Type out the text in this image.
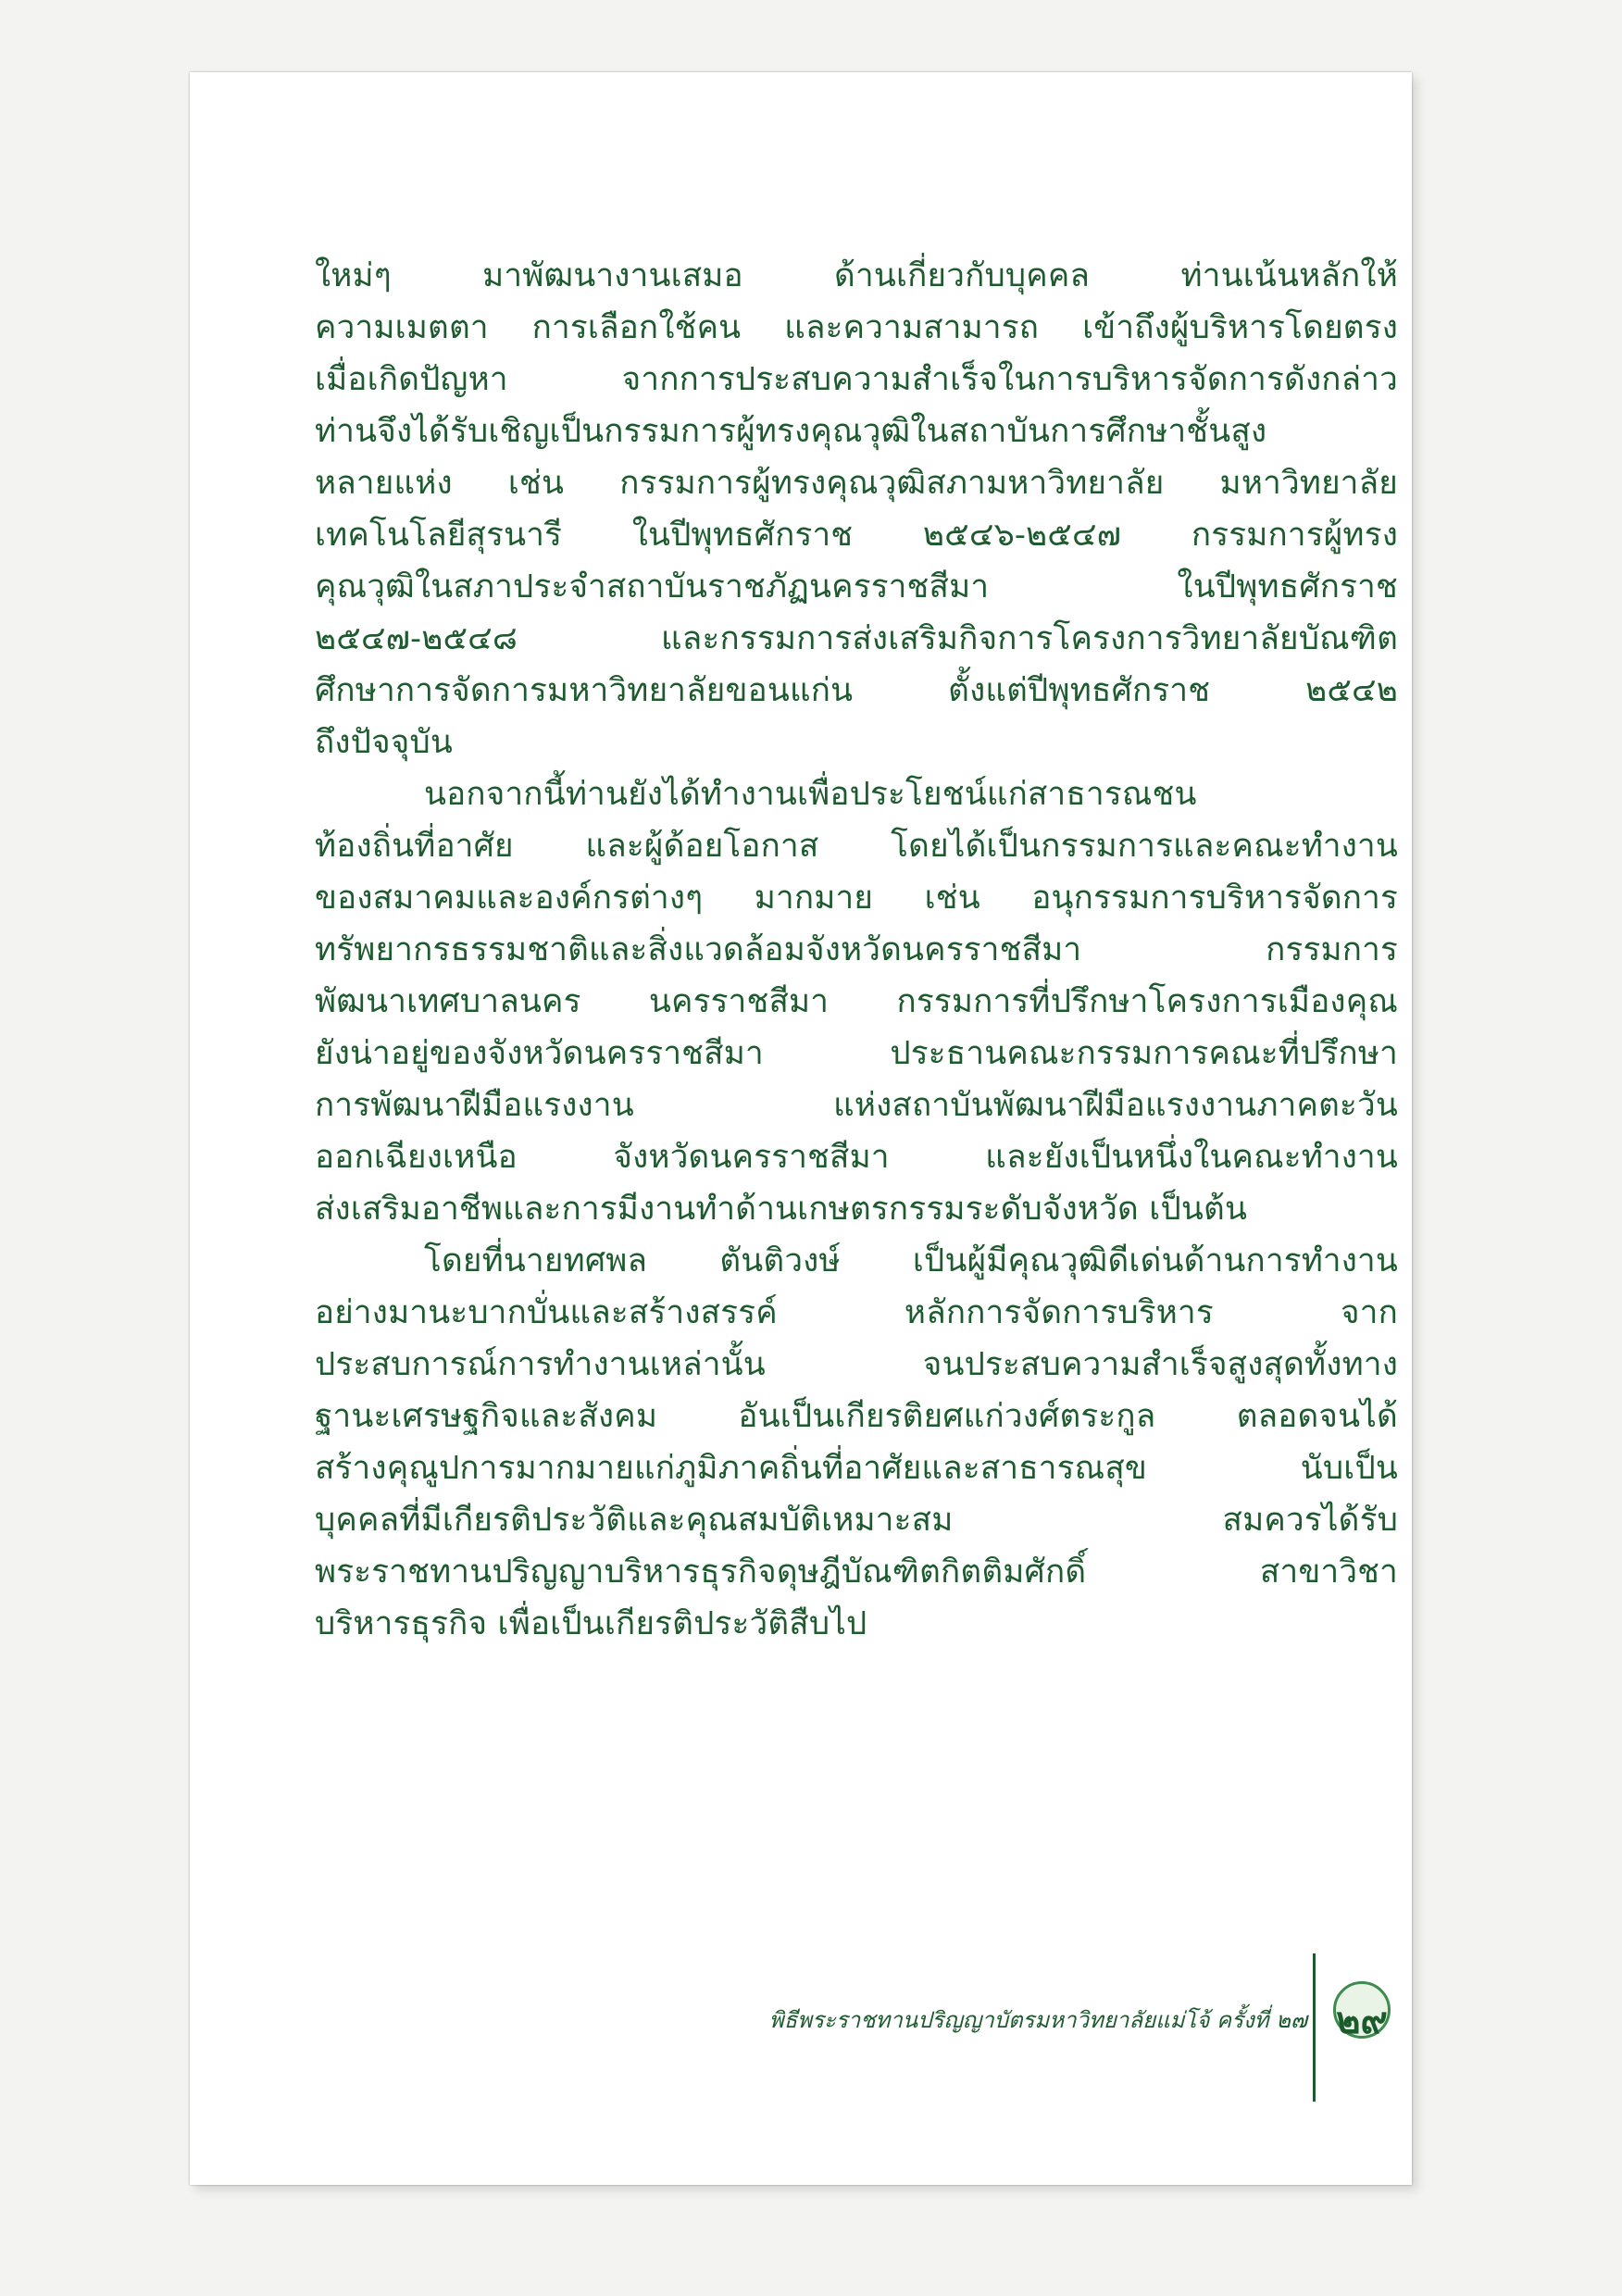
ใหม่ๆ มาพัฒนางานเสมอ ด้านเกี่ยวกับบุคคล ท่านเน้นหลักให้
ความเมตตา การเลือกใช้คน และความสามารถ เข้าถึงผู้บริหารโดยตรง
เมื่อเกิดปัญหา จากการประสบความสำเร็จในการบริหารจัดการดังกล่าว
ท่านจึงได้รับเชิญเป็นกรรมการผู้ทรงคุณวุฒิในสถาบันการศึกษาชั้นสูง
หลายแห่ง เช่น กรรมการผู้ทรงคุณวุฒิสภามหาวิทยาลัย มหาวิทยาลัย
เทคโนโลยีสุรนารี ในปีพุทธศักราช ๒๕๔๖-๒๕๔๗ กรรมการผู้ทรง
คุณวุฒิในสภาประจำสถาบันราชภัฏนครราชสีมา ในปีพุทธศักราช
๒๕๔๗-๒๕๔๘ และกรรมการส่งเสริมกิจการโครงการวิทยาลัยบัณฑิต
ศึกษาการจัดการมหาวิทยาลัยขอนแก่น ตั้งแต่ปีพุทธศักราช ๒๕๔๒
ถึงปัจจุบัน
นอกจากนี้ท่านยังได้ทำงานเพื่อประโยชน์แก่สาธารณชน
ท้องถิ่นที่อาศัย และผู้ด้อยโอกาส โดยได้เป็นกรรมการและคณะทำงาน
ของสมาคมและองค์กรต่างๆ มากมาย เช่น อนุกรรมการบริหารจัดการ
ทรัพยากรธรรมชาติและสิ่งแวดล้อมจังหวัดนครราชสีมา กรรมการ
พัฒนาเทศบาลนคร นครราชสีมา กรรมการที่ปรึกษาโครงการเมืองคุณ
ยังน่าอยู่ของจังหวัดนครราชสีมา ประธานคณะกรรมการคณะที่ปรึกษา
การพัฒนาฝีมือแรงงาน แห่งสถาบันพัฒนาฝีมือแรงงานภาคตะวัน
ออกเฉียงเหนือ จังหวัดนครราชสีมา และยังเป็นหนึ่งในคณะทำงาน
ส่งเสริมอาชีพและการมีงานทำด้านเกษตรกรรมระดับจังหวัด เป็นต้น
โดยที่นายทศพล ตันติวงษ์ เป็นผู้มีคุณวุฒิดีเด่นด้านการทำงาน
อย่างมานะบากบั่นและสร้างสรรค์ หลักการจัดการบริหาร จาก
ประสบการณ์การทำงานเหล่านั้น จนประสบความสำเร็จสูงสุดทั้งทาง
ฐานะเศรษฐกิจและสังคม อันเป็นเกียรติยศแก่วงศ์ตระกูล ตลอดจนได้
สร้างคุณูปการมากมายแก่ภูมิภาคถิ่นที่อาศัยและสาธารณสุข นับเป็น
บุคคลที่มีเกียรติประวัติและคุณสมบัติเหมาะสม สมควรได้รับ
พระราชทานปริญญาบริหารธุรกิจดุษฎีบัณฑิตกิตติมศักดิ์ สาขาวิชา
บริหารธุรกิจ เพื่อเป็นเกียรติประวัติสืบไป
พิธีพระราชทานปริญญาบัตรมหาวิทยาลัยแม่โจ้ ครั้งที่ ๒๗ ๒๙
